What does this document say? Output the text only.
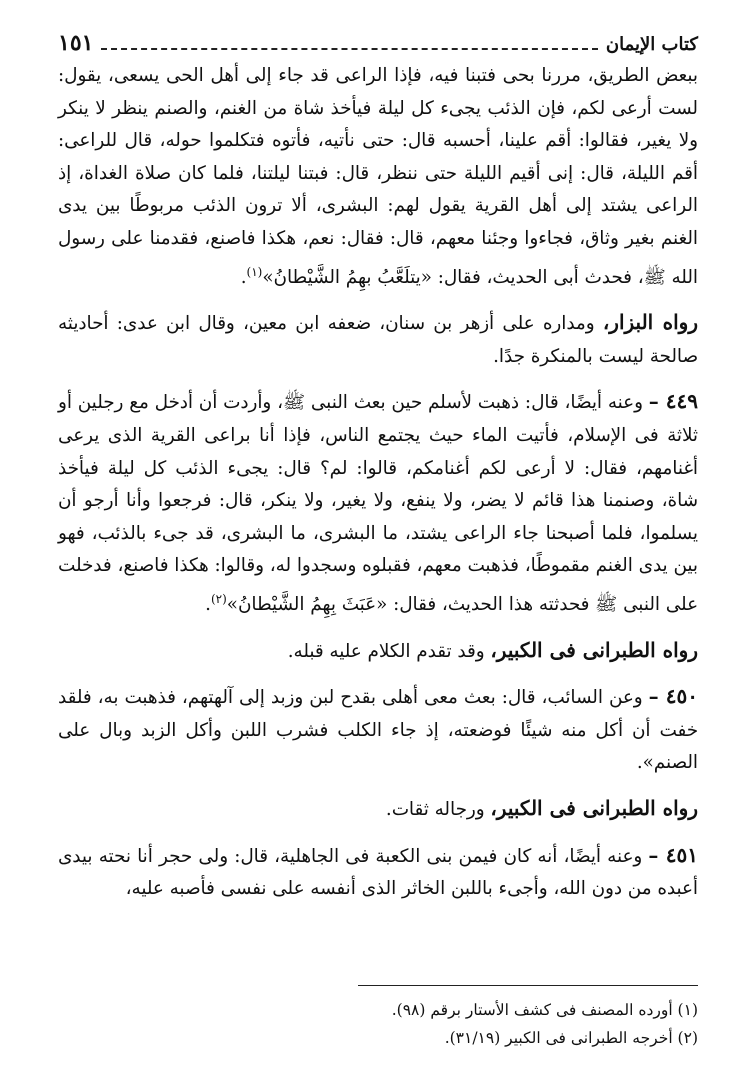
كتاب الإيمان
١٥١

ببعض الطريق، مررنا بحى فتبنا فيه، فإذا الراعى قد جاء إلى أهل الحى يسعى، يقول: لست أرعى لكم، فإن الذئب يجىء كل ليلة فيأخذ شاة من الغنم، والصنم ينظر لا ينكر ولا يغير، فقالوا: أقم علينا، أحسبه قال: حتى نأتيه، فأتوه فتكلموا حوله، قال للراعى: أقم الليلة، قال: إنى أقيم الليلة حتى ننظر، قال: فبتنا ليلتنا، فلما كان صلاة الغداة، إذ الراعى يشتد إلى أهل القرية يقول لهم: البشرى، ألا ترون الذئب مربوطًا بين يدى الغنم بغير وثاق، فجاءوا وجئنا معهم، قال: فقال: نعم، هكذا فاصنع، فقدمنا على رسول الله ﷺ، فحدث أبى الحديث، فقال: «يتلَعَّبُ بهِمُ الشَّيْطانُ»$^{(١)}$.

رواه البزار، ومداره على أزهر بن سنان، ضعفه ابن معين، وقال ابن عدى: أحاديثه صالحة ليست بالمنكرة جدًا.

٤٤٩ – وعنه أيضًا، قال: ذهبت لأسلم حين بعث النبى ﷺ، وأردت أن أدخل مع رجلين أو ثلاثة فى الإسلام، فأتيت الماء حيث يجتمع الناس، فإذا أنا براعى القرية الذى يرعى أغنامهم، فقال: لا أرعى لكم أغنامكم، قالوا: لم؟ قال: يجىء الذئب كل ليلة فيأخذ شاة، وصنمنا هذا قائم لا يضر، ولا ينفع، ولا يغير، ولا ينكر، قال: فرجعوا وأنا أرجو أن يسلموا، فلما أصبحنا جاء الراعى يشتد، ما البشرى، ما البشرى، قد جىء بالذئب، فهو بين يدى الغنم مقموطًا، فذهبت معهم، فقبلوه وسجدوا له، وقالوا: هكذا فاصنع، فدخلت على النبى ﷺ فحدثته هذا الحديث، فقال: «عَبَثَ بِهِمُ الشَّيْطانُ»$^{(٢)}$.

رواه الطبرانى فى الكبير، وقد تقدم الكلام عليه قبله.

٤٥٠ – وعن السائب، قال: بعث معى أهلى بقدح لبن وزبد إلى آلهتهم، فذهبت به، فلقد خفت أن أكل منه شيئًا فوضعته، إذ جاء الكلب فشرب اللبن وأكل الزبد وبال على الصنم».

رواه الطبرانى فى الكبير، ورجاله ثقات.

٤٥١ – وعنه أيضًا، أنه كان فيمن بنى الكعبة فى الجاهلية، قال: ولى حجر أنا نحته بيدى أعبده من دون الله، وأجىء باللبن الخاثر الذى أنفسه على نفسى فأصبه عليه،

(١) أورده المصنف فى كشف الأستار برقم (٩٨).
(٢) أخرجه الطبرانى فى الكبير (٣١/١٩).
